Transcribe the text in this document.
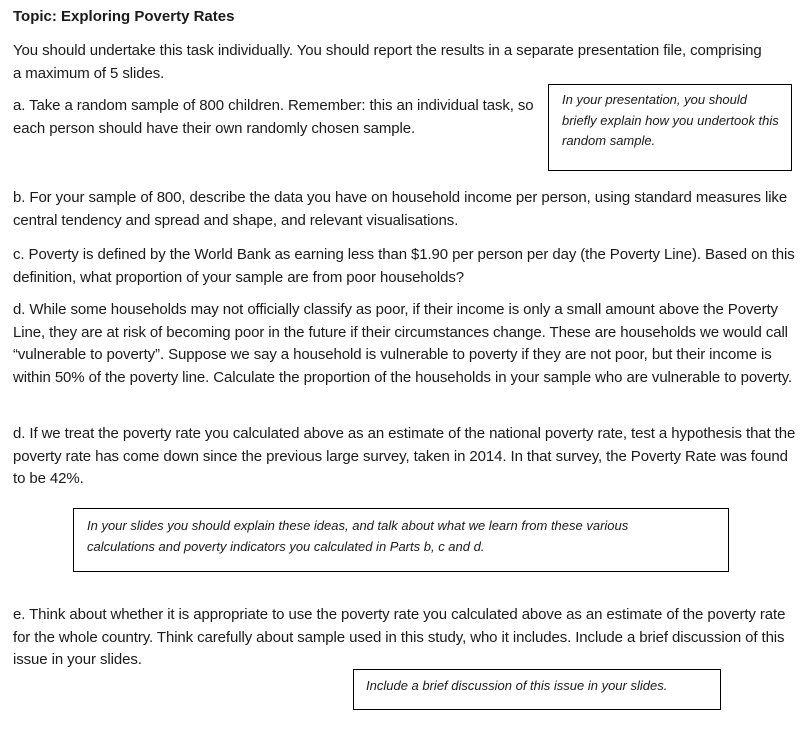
Topic: Exploring Poverty Rates
You should undertake this task individually. You should report the results in a separate presentation file, comprising a maximum of 5 slides.
a. Take a random sample of 800 children. Remember: this an individual task, so each person should have their own randomly chosen sample.
In your presentation, you should briefly explain how you undertook this random sample.
b. For your sample of 800, describe the data you have on household income per person, using standard measures like central tendency and spread and shape, and relevant visualisations.
c. Poverty is defined by the World Bank as earning less than $1.90 per person per day (the Poverty Line). Based on this definition, what proportion of your sample are from poor households?
d. While some households may not officially classify as poor, if their income is only a small amount above the Poverty Line, they are at risk of becoming poor in the future if their circumstances change. These are households we would call “vulnerable to poverty”. Suppose we say a household is vulnerable to poverty if they are not poor, but their income is within 50% of the poverty line. Calculate the proportion of the households in your sample who are vulnerable to poverty.
d. If we treat the poverty rate you calculated above as an estimate of the national poverty rate, test a hypothesis that the poverty rate has come down since the previous large survey, taken in 2014. In that survey, the Poverty Rate was found to be 42%.
In your slides you should explain these ideas, and talk about what we learn from these various
calculations and poverty indicators you calculated in Parts b, c and d.
e. Think about whether it is appropriate to use the poverty rate you calculated above as an estimate of the poverty rate for the whole country. Think carefully about sample used in this study, who it includes. Include a brief discussion of this issue in your slides.
Include a brief discussion of this issue in your slides.
